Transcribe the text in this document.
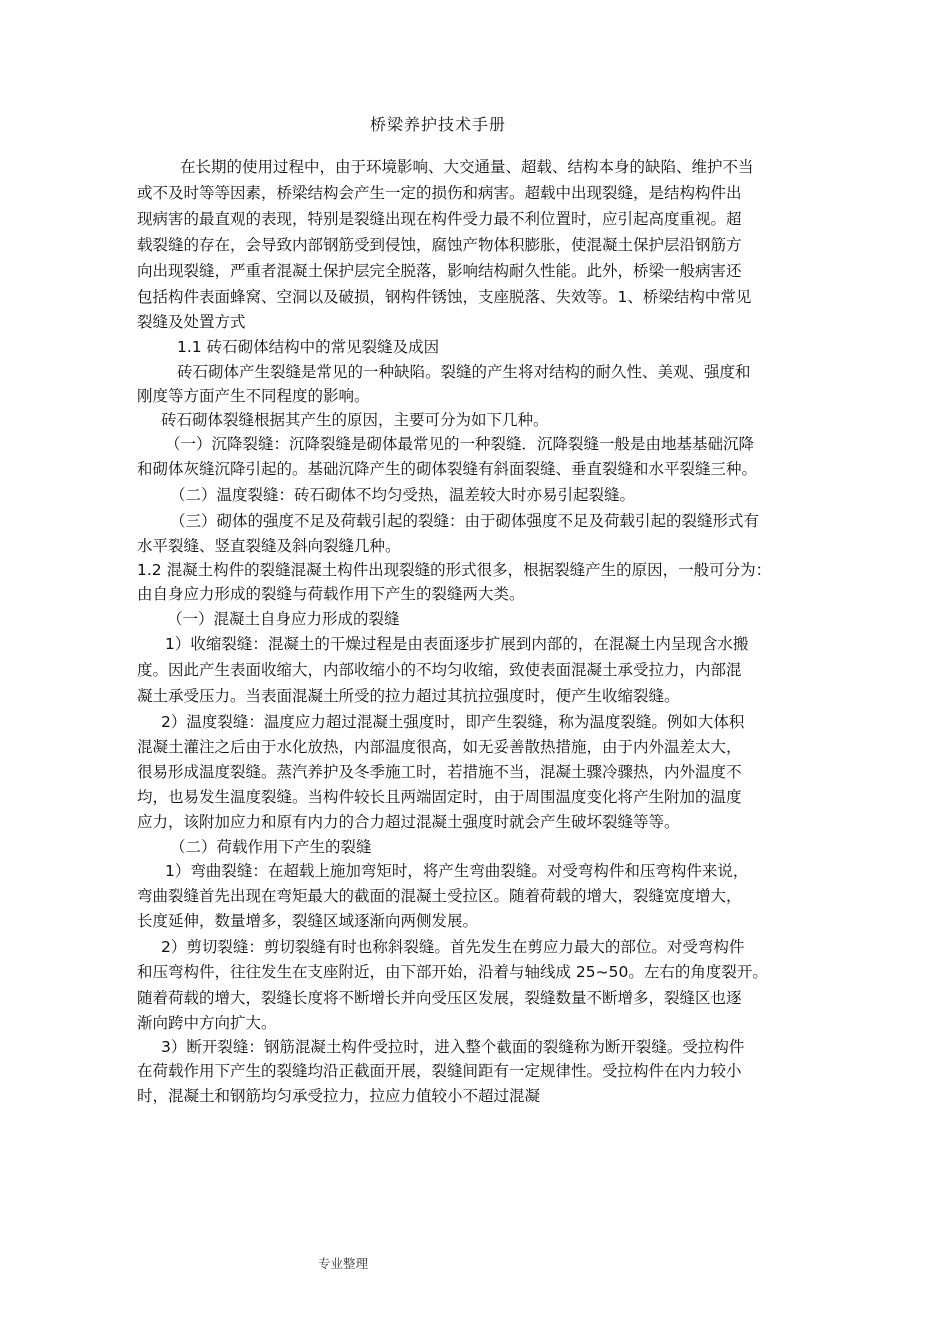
桥梁养护技术手册
在长期的使用过程中，由于环境影响、大交通量、超载、结构本身的缺陷、维护不当
或不及时等等因素，桥梁结构会产生一定的损伤和病害。超载中出现裂缝，是结构构件出
现病害的最直观的表现，特别是裂缝出现在构件受力最不利位置时，应引起高度重视。超
载裂缝的存在，会导致内部钢筋受到侵蚀，腐蚀产物体积膨胀，使混凝土保护层沿钢筋方
向出现裂缝，严重者混凝土保护层完全脱落，影响结构耐久性能。此外，桥梁一般病害还
包括构件表面蜂窝、空洞以及破损，钢构件锈蚀，支座脱落、失效等。1、桥梁结构中常见
裂缝及处置方式
1.1 砖石砌体结构中的常见裂缝及成因
砖石砌体产生裂缝是常见的一种缺陷。裂缝的产生将对结构的耐久性、美观、强度和
刚度等方面产生不同程度的影响。
砖石砌体裂缝根据其产生的原因，主要可分为如下几种。
（一）沉降裂缝：沉降裂缝是砌体最常见的一种裂缝．沉降裂缝一般是由地基基础沉降
和砌体灰缝沉降引起的。基础沉降产生的砌体裂缝有斜面裂缝、垂直裂缝和水平裂缝三种。
（二）温度裂缝：砖石砌体不均匀受热，温差较大时亦易引起裂缝。
（三）砌体的强度不足及荷载引起的裂缝：由于砌体强度不足及荷载引起的裂缝形式有
水平裂缝、竖直裂缝及斜向裂缝几种。
1.2 混凝土构件的裂缝混凝土构件出现裂缝的形式很多，根据裂缝产生的原因，一般可分为：
由自身应力形成的裂缝与荷载作用下产生的裂缝两大类。
（一）混凝土自身应力形成的裂缝
1）收缩裂缝：混凝土的干燥过程是由表面逐步扩展到内部的，在混凝土内呈现含水搬
度。因此产生表面收缩大，内部收缩小的不均匀收缩，致使表面混凝土承受拉力，内部混
凝土承受压力。当表面混凝土所受的拉力超过其抗拉强度时，便产生收缩裂缝。
2）温度裂缝：温度应力超过混凝土强度时，即产生裂缝，称为温度裂缝。例如大体积
混凝土灌注之后由于水化放热，内部温度很高，如无妥善散热措施，由于内外温差太大，
很易形成温度裂缝。蒸汽养护及冬季施工时，若措施不当，混凝土骤冷骤热，内外温度不
均，也易发生温度裂缝。当构件较长且两端固定时，由于周围温度变化将产生附加的温度
应力，该附加应力和原有内力的合力超过混凝土强度时就会产生破坏裂缝等等。
（二）荷载作用下产生的裂缝
1）弯曲裂缝：在超载上施加弯矩时，将产生弯曲裂缝。对受弯构件和压弯构件来说，
弯曲裂缝首先出现在弯矩最大的截面的混凝土受拉区。随着荷载的增大，裂缝宽度增大，
长度延伸，数量增多，裂缝区域逐渐向两侧发展。
2）剪切裂缝：剪切裂缝有时也称斜裂缝。首先发生在剪应力最大的部位。对受弯构件
和压弯构件，往往发生在支座附近，由下部开始，沿着与轴线成 25~50。左右的角度裂开。
随着荷载的增大，裂缝长度将不断增长并向受压区发展，裂缝数量不断增多，裂缝区也逐
渐向跨中方向扩大。
3）断开裂缝：钢筋混凝土构件受拉时，进入整个截面的裂缝称为断开裂缝。受拉构件
在荷载作用下产生的裂缝均沿正截面开展，裂缝间距有一定规律性。受拉构件在内力较小
时，混凝土和钢筋均匀承受拉力，拉应力值较小不超过混凝
专业整理
